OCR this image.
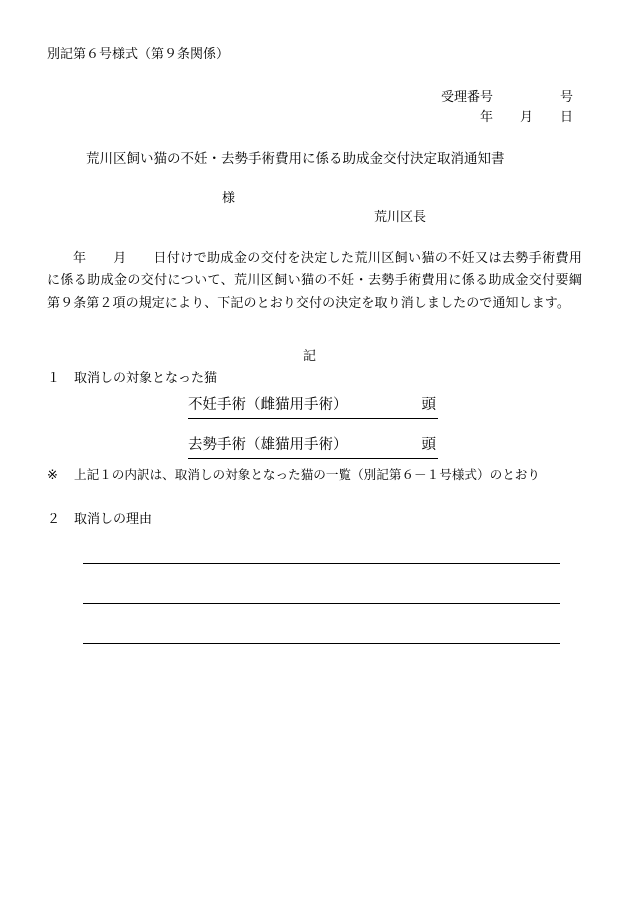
別記第６号様式（第９条関係）
受理番号	号
年 月 日
荒川区飼い猫の不妊・去勢手術費用に係る助成金交付決定取消通知書
様
荒川区長
年　　月　　日付けで助成金の交付を決定した荒川区飼い猫の不妊又は去勢手術費用に係る助成金の交付について、荒川区飼い猫の不妊・去勢手術費用に係る助成金交付要綱第９条第２項の規定により、下記のとおり交付の決定を取り消しましたので通知します。
記
１ 取消しの対象となった猫
不妊手術（雌猫用手術）	頭
去勢手術（雄猫用手術）	頭
※ 上記１の内訳は、取消しの対象となった猫の一覧（別記第６－１号様式）のとおり
２ 取消しの理由
